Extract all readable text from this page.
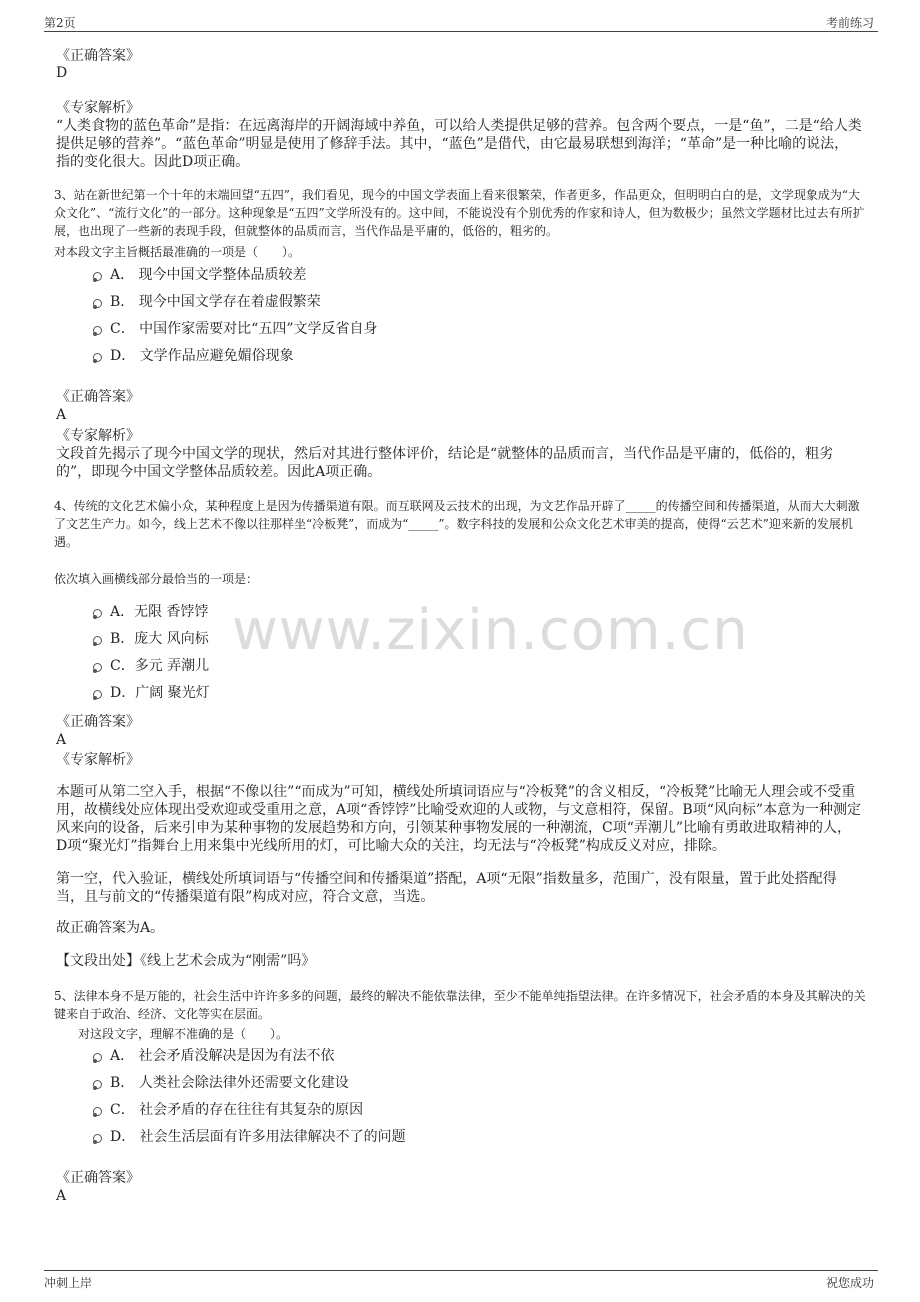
第2页	考前练习
www.zixin.com.cn
《正确答案》
D
《专家解析》
“人类食物的蓝色革命”是指：在远离海岸的开阔海域中养鱼，可以给人类提供足够的营养。包含两个要点，一是“鱼”，二是“给人类提供足够的营养”。“蓝色革命”明显是使用了修辞手法。其中，“蓝色”是借代，由它最易联想到海洋；“革命”是一种比喻的说法，指的变化很大。因此D项正确。
3、站在新世纪第一个十年的末端回望“五四”，我们看见，现今的中国文学表面上看来很繁荣，作者更多，作品更众，但明明白白的是，文学现象成为“大众文化”、“流行文化”的一部分。这种现象是“五四”文学所没有的。这中间，不能说没有个别优秀的作家和诗人，但为数极少；虽然文学题材比过去有所扩展，也出现了一些新的表现手段，但就整体的品质而言，当代作品是平庸的，低俗的，粗劣的。
对本段文字主旨概括最准确的一项是（　　）。
A． 现今中国文学整体品质较差
B． 现今中国文学存在着虚假繁荣
C． 中国作家需要对比“五四”文学反省自身
D． 文学作品应避免媚俗现象
《正确答案》
A
《专家解析》
文段首先揭示了现今中国文学的现状，然后对其进行整体评价，结论是“就整体的品质而言，当代作品是平庸的，低俗的，粗劣的”，即现今中国文学整体品质较差。因此A项正确。
4、传统的文化艺术偏小众，某种程度上是因为传播渠道有限。而互联网及云技术的出现，为文艺作品开辟了_____的传播空间和传播渠道，从而大大刺激了文艺生产力。如今，线上艺术不像以往那样坐“冷板凳”，而成为“_____”。数字科技的发展和公众文化艺术审美的提高，使得“云艺术”迎来新的发展机遇。
依次填入画横线部分最恰当的一项是：
A．无限 香饽饽
B．庞大 风向标
C．多元 弄潮儿
D．广阔 聚光灯
《正确答案》
A
《专家解析》
本题可从第二空入手，根据“不像以往”“而成为”可知，横线处所填词语应与“冷板凳”的含义相反，“冷板凳”比喻无人理会或不受重用，故横线处应体现出受欢迎或受重用之意，A项“香饽饽”比喻受欢迎的人或物，与文意相符，保留。B项“风向标”本意为一种测定风来向的设备，后来引申为某种事物的发展趋势和方向，引领某种事物发展的一种潮流，C项“弄潮儿”比喻有勇敢进取精神的人，D项“聚光灯”指舞台上用来集中光线所用的灯，可比喻大众的关注，均无法与“冷板凳”构成反义对应，排除。
第一空，代入验证，横线处所填词语与“传播空间和传播渠道”搭配，A项“无限”指数量多，范围广，没有限量，置于此处搭配得当，且与前文的“传播渠道有限”构成对应，符合文意，当选。
故正确答案为A。
【文段出处】《线上艺术会成为“刚需”吗》
5、法律本身不是万能的，社会生活中许许多多的问题，最终的解决不能依靠法律，至少不能单纯指望法律。在许多情况下，社会矛盾的本身及其解决的关键来自于政治、经济、文化等实在层面。
对这段文字，理解不准确的是（　　）。
A． 社会矛盾没解决是因为有法不依
B． 人类社会除法律外还需要文化建设
C． 社会矛盾的存在往往有其复杂的原因
D． 社会生活层面有许多用法律解决不了的问题
《正确答案》
A
冲刺上岸	祝您成功
